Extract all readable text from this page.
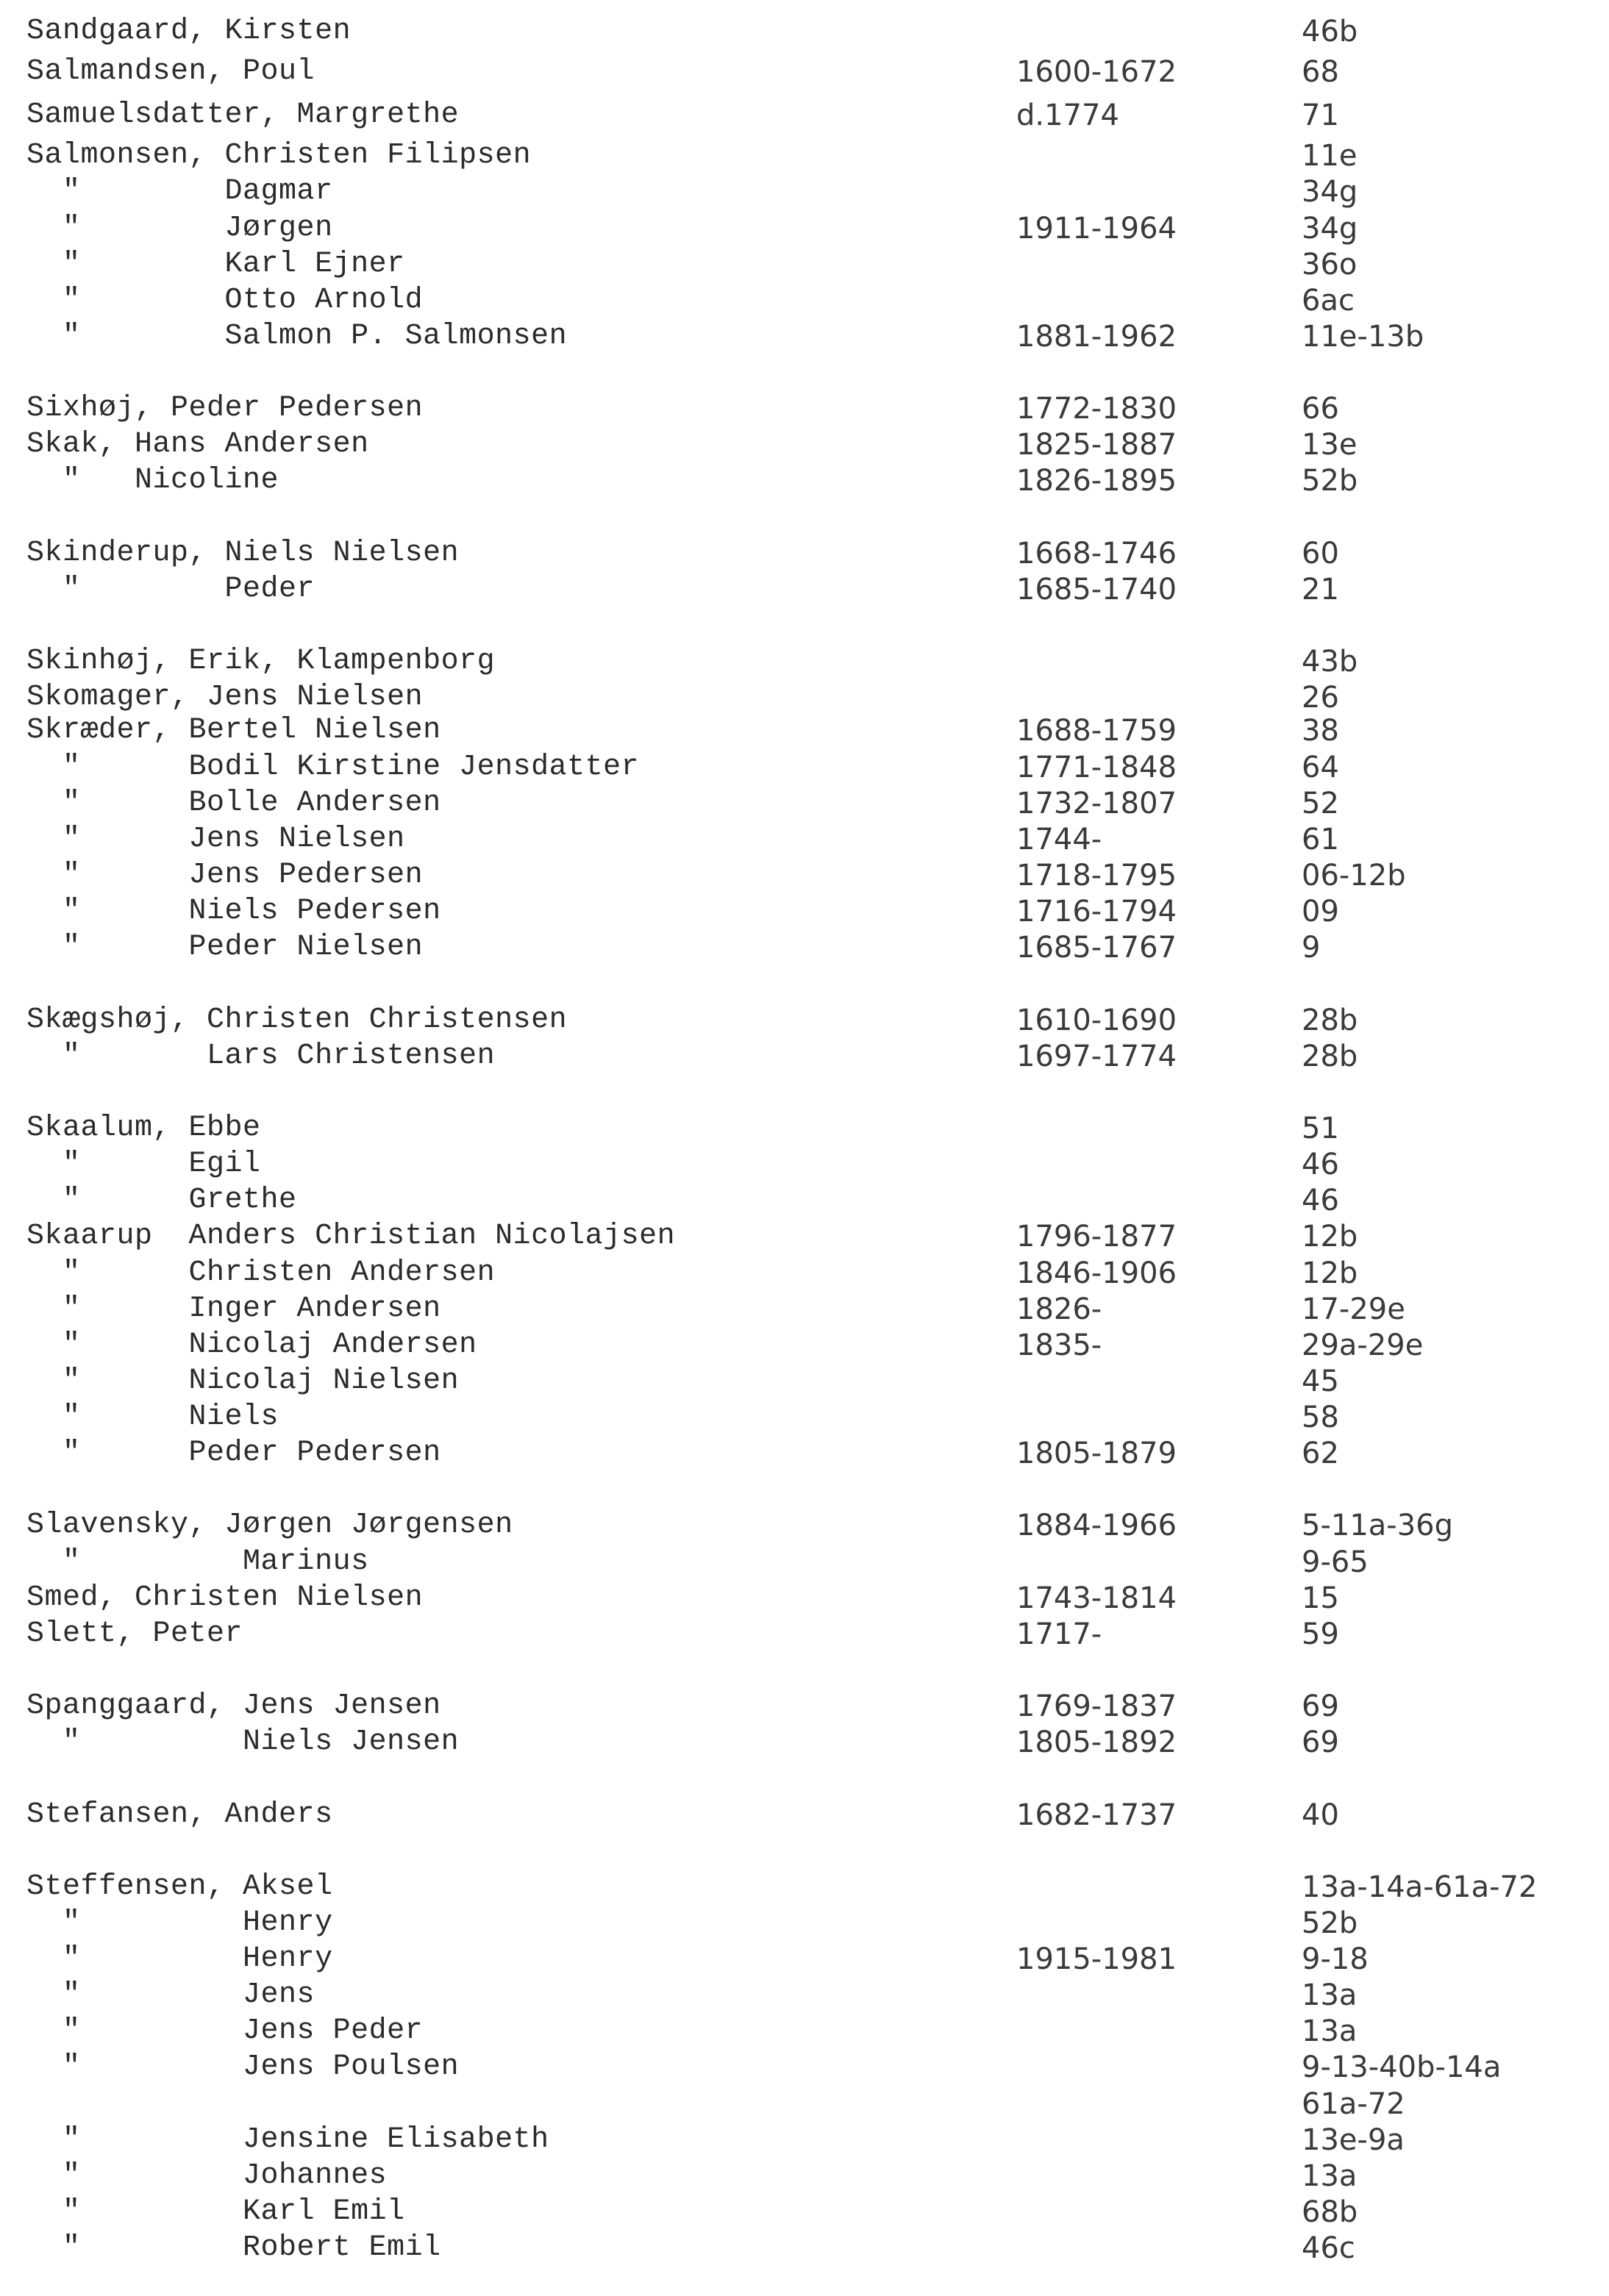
Sandgaard, Kirsten	46b
Salmandsen, Poul	1600-1672	68
Samuelsdatter, Margrethe	d.1774	71
Salmonsen, Christen Filipsen	11e
"        Dagmar	34g
"        Jørgen	1911-1964	34g
"        Karl Ejner	36o
"        Otto Arnold	6ac
"        Salmon P. Salmonsen	1881-1962	11e-13b
Sixhøj, Peder Pedersen	1772-1830	66
Skak, Hans Andersen	1825-1887	13e
"   Nicoline	1826-1895	52b
Skinderup, Niels Nielsen	1668-1746	60
"        Peder	1685-1740	21
Skinhøj, Erik, Klampenborg	43b
Skomager, Jens Nielsen	26
Skræder, Bertel Nielsen	1688-1759	38
"      Bodil Kirstine Jensdatter	1771-1848	64
"      Bolle Andersen	1732-1807	52
"      Jens Nielsen	1744-	61
"      Jens Pedersen	1718-1795	06-12b
"      Niels Pedersen	1716-1794	09
"      Peder Nielsen	1685-1767	9
Skægshøj, Christen Christensen	1610-1690	28b
"       Lars Christensen	1697-1774	28b
Skaalum, Ebbe	51
"      Egil	46
"      Grethe	46
Skaarup  Anders Christian Nicolajsen	1796-1877	12b
"      Christen Andersen	1846-1906	12b
"      Inger Andersen	1826-	17-29e
"      Nicolaj Andersen	1835-	29a-29e
"      Nicolaj Nielsen	45
"      Niels	58
"      Peder Pedersen	1805-1879	62
Slavensky, Jørgen Jørgensen	1884-1966	5-11a-36g
"         Marinus	9-65
Smed, Christen Nielsen	1743-1814	15
Slett, Peter	1717-	59
Spanggaard, Jens Jensen	1769-1837	69
"         Niels Jensen	1805-1892	69
Stefansen, Anders	1682-1737	40
Steffensen, Aksel	13a-14a-61a-72
"         Henry	52b
"         Henry	1915-1981	9-18
"         Jens	13a
"         Jens Peder	13a
"         Jens Poulsen	9-13-40b-14a
61a-72
"         Jensine Elisabeth	13e-9a
"         Johannes	13a
"         Karl Emil	68b
"         Robert Emil	46c
